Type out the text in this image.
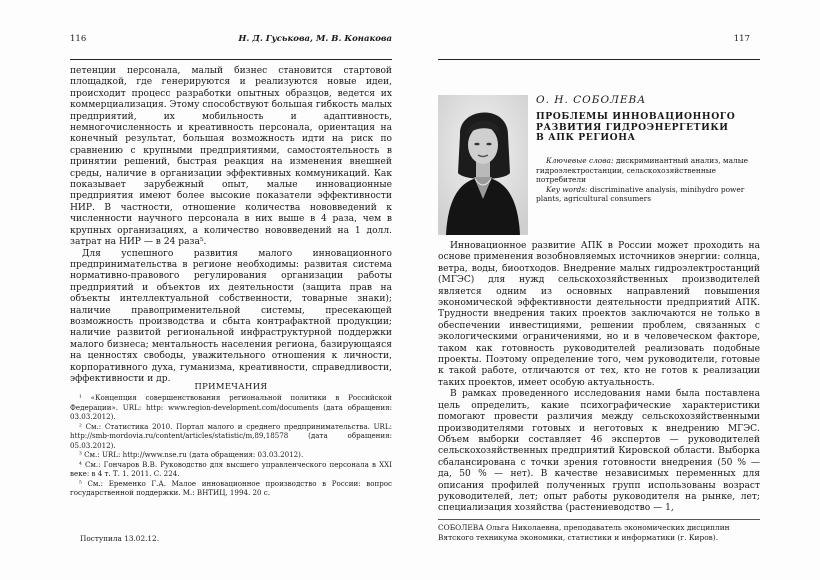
116	Н. Д. Гуськова, М. В. Конакова

петенции персонала, малый бизнес становится стартовой площадкой, где генерируются и реализуются новые идеи, происходит процесс разработки опытных образцов, ведется их коммерциализация. Этому способствуют большая гибкость малых предприятий, их мобильность и адаптивность, немногочисленность и креативность персонала, ориентация на конечный результат, большая возможность идти на риск по сравнению с крупными предприятиями, самостоятельность в принятии решений, быстрая реакция на изменения внешней среды, наличие в организации эффективных коммуникаций. Как показывает зарубежный опыт, малые инновационные предприятия имеют более высокие показатели эффективности НИР. В частности, отношение количества нововведений к численности научного персонала в них выше в 4 раза, чем в крупных организациях, а количество нововведений на 1 долл. затрат на НИР — в 24 раза⁵.

Для успешного развития малого инновационного предпринимательства в регионе необходимы: развитая система нормативно-правового регулирования организации работы предприятий и объектов их деятельности (защита прав на объекты интеллектуальной собственности, товарные знаки); наличие правоприменительной системы, пресекающей возможность производства и сбыта контрафактной продукции; наличие развитой региональной инфраструктурной поддержки малого бизнеса; ментальность населения региона, базирующаяся на ценностях свободы, уважительного отношения к личности, корпоративного духа, гуманизма, креативности, справедливости, эффективности и др.

ПРИМЕЧАНИЯ

¹ «Концепция совершенствования региональной политики в Российской Федерации». URL: http: www.region-development.com/documents (дата обращения: 03.03.2012).

² См.: Статистика 2010. Портал малого и среднего предпринимательства. URL: http://smb-mordovia.ru/content/articles/statistic/m,89,18578 (дата обращения: 05.03.2012).

³ См.: URL: http://www.nse.ru (дата обращения: 03.03.2012).

⁴ См.: Гончаров В.В. Руководство для высшего управленческого персонала в XXI веке: в 4 т. Т. 1. 2011. С. 224.

⁵ См.: Еременко Г.А. Малое инновационное производство в России: вопрос государственной поддержки. М.: ВНТИЦ, 1994. 20 с.

Поступила 13.02.12.
117
О. Н. СОБОЛЕВА
ПРОБЛЕМЫ ИННОВАЦИОННОГО
РАЗВИТИЯ ГИДРОЭНЕРГЕТИКИ
В АПК РЕГИОНА

Ключевые слова: дискриминантный анализ, малые гидроэлектростанции, сельскохозяйственные потребители

Key words: discriminative analysis, minihydro power plants, agricultural consumers

Инновационное развитие АПК в России может проходить на основе применения возобновляемых источников энергии: солнца, ветра, воды, биоотходов. Внедрение малых гидроэлектростанций (МГЭС) для нужд сельскохозяйственных производителей является одним из основных направлений повышения экономической эффективности деятельности предприятий АПК. Трудности внедрения таких проектов заключаются не только в обеспечении инвестициями, решении проблем, связанных с экологическими ограничениями, но и в человеческом факторе, таком как готовность руководителей реализовать подобные проекты. Поэтому определение того, чем руководители, готовые к такой работе, отличаются от тех, кто не готов к реализации таких проектов, имеет особую актуальность.

В рамках проведенного исследования нами была поставлена цель определить, какие психографические характеристики помогают провести различия между сельскохозяйственными производителями готовых и неготовых к внедрению МГЭС. Объем выборки составляет 46 экспертов — руководителей сельскохозяйственных предприятий Кировской области. Выборка сбалансирована с точки зрения готовности внедрения (50 % — да, 50 % — нет). В качестве независимых переменных для описания профилей полученных групп использованы возраст руководителей, лет; опыт работы руководителя на рынке, лет; специализация хозяйства (растениеводство — 1,

СОБОЛЕВА Ольга Николаевна, преподаватель экономических дисциплин Вятского техникума экономики, статистики и информатики (г. Киров).
